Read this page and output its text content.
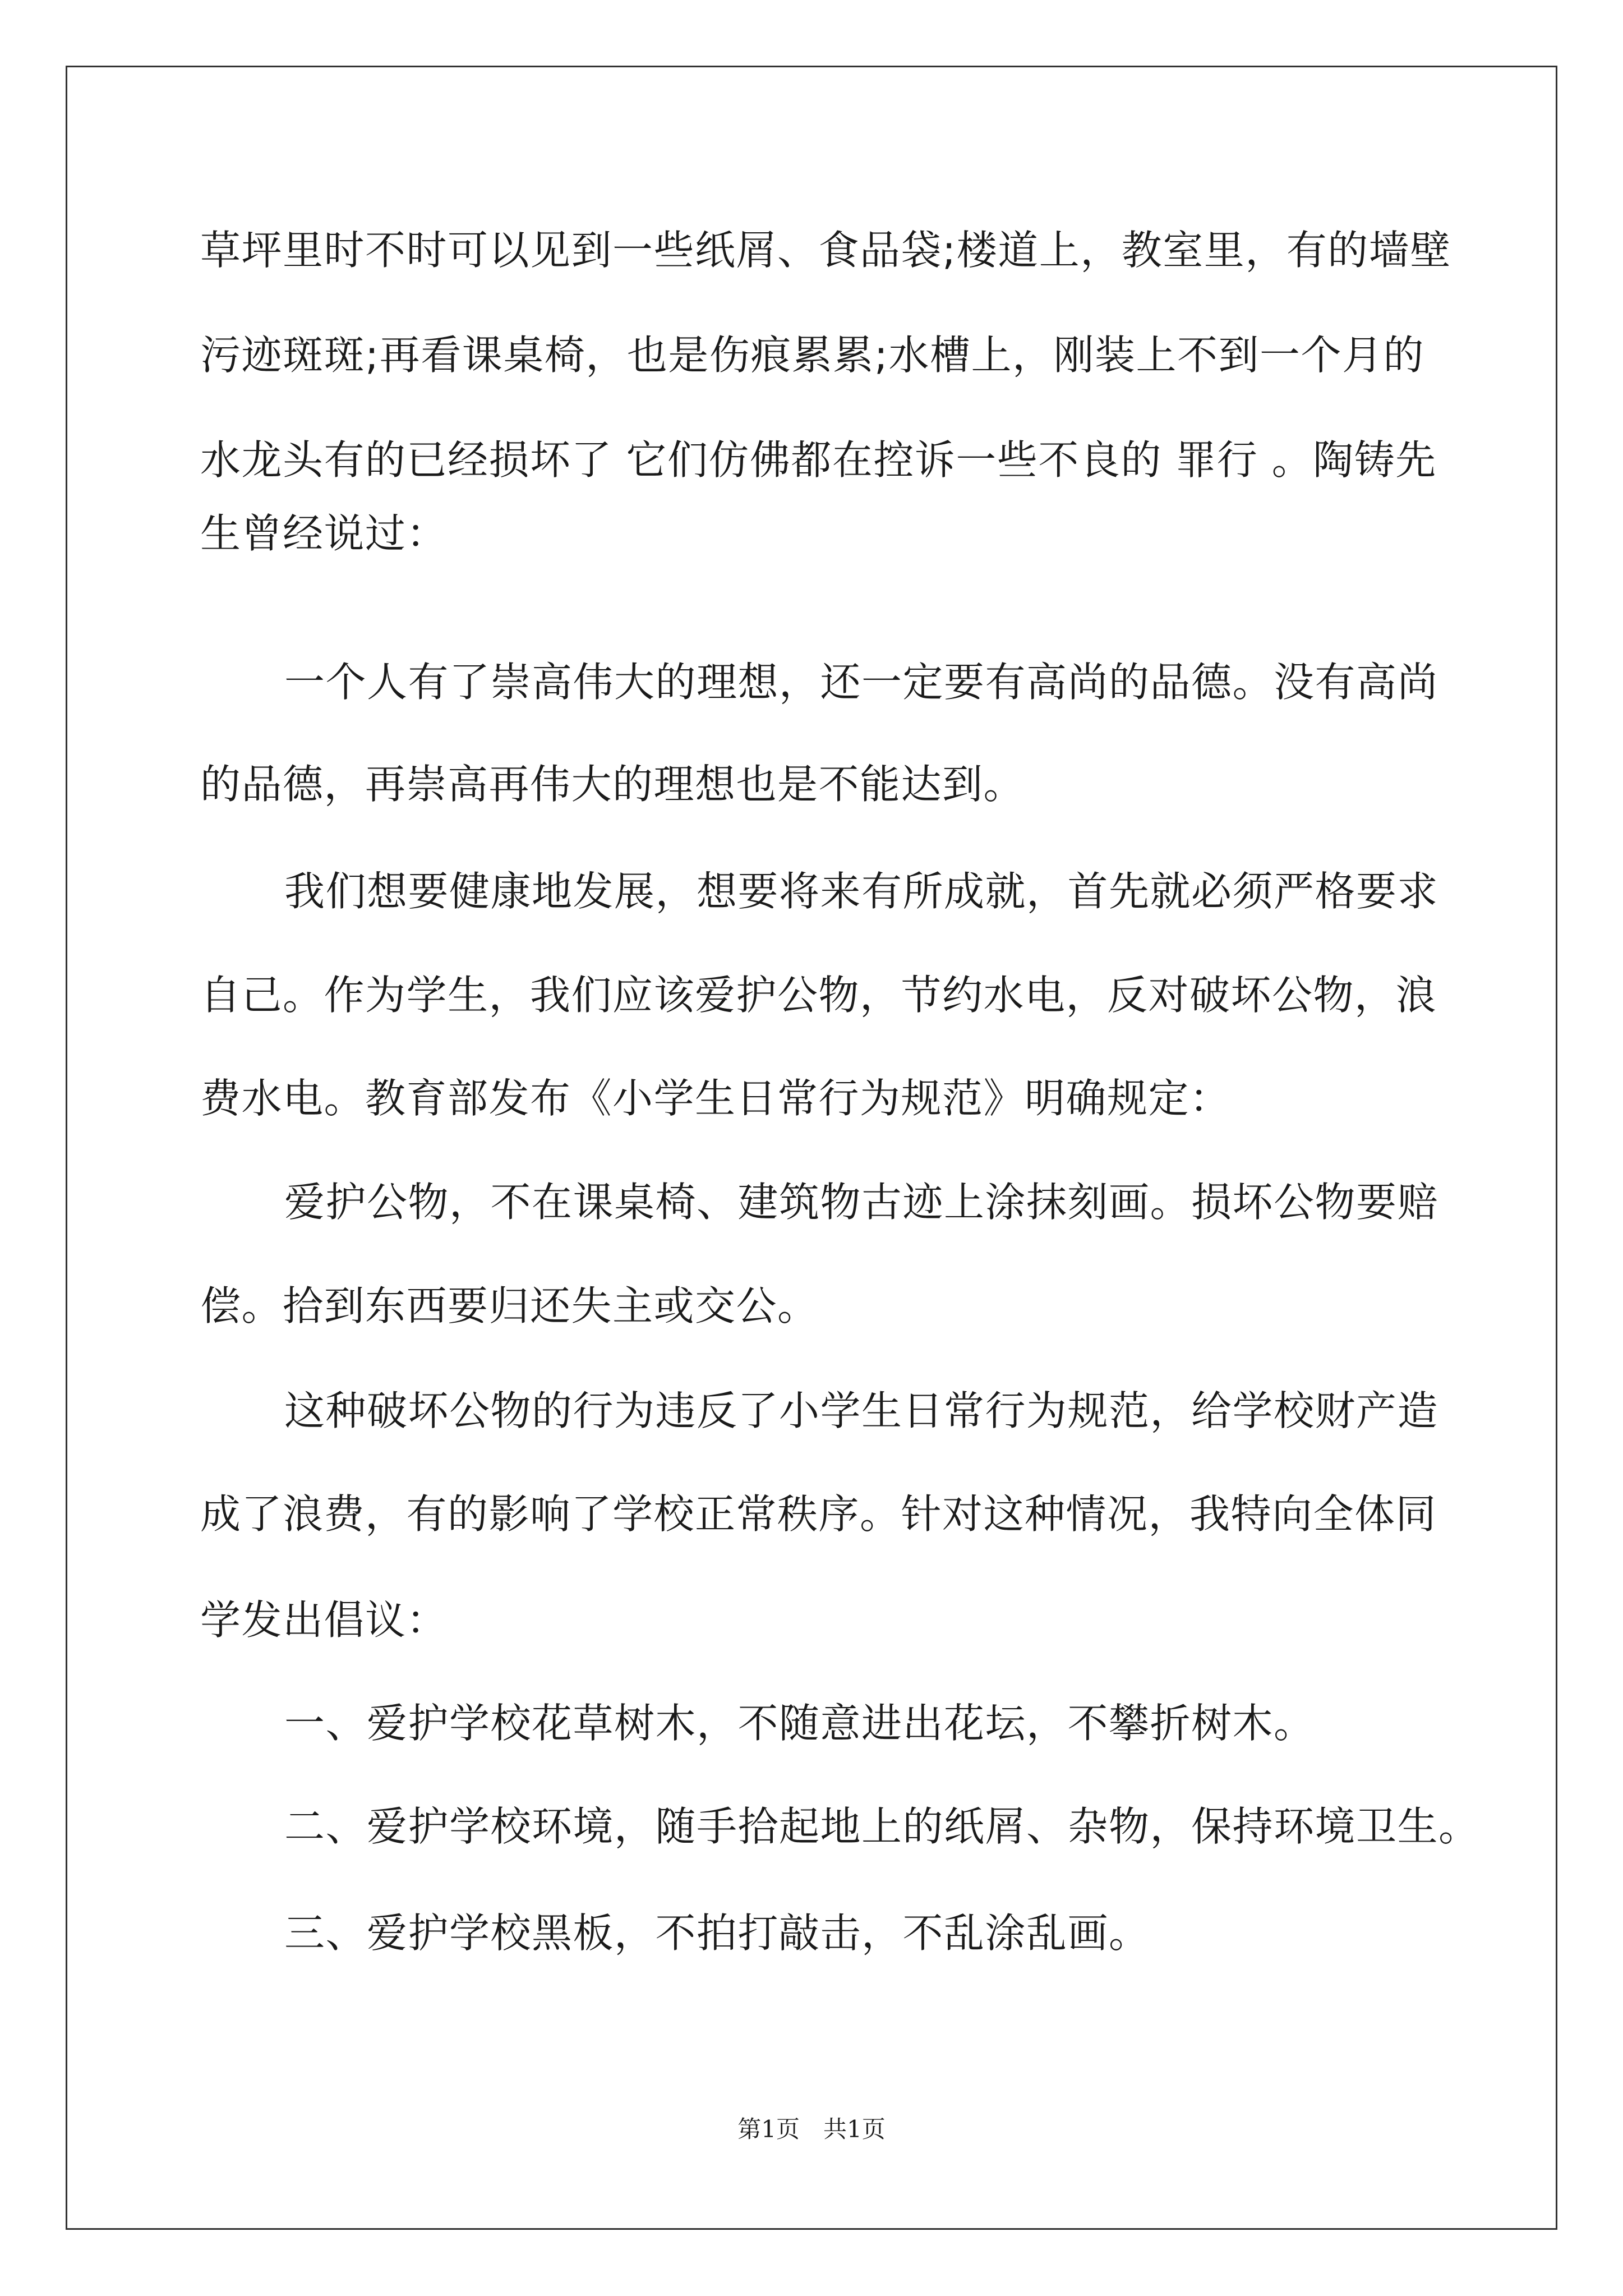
草坪里时不时可以见到一些纸屑、食品袋;楼道上，教室里，有的墙壁
污迹斑斑;再看课桌椅，也是伤痕累累;水槽上，刚装上不到一个月的
水龙头有的已经损坏了 它们仿佛都在控诉一些不良的 罪行 。陶铸先
生曾经说过：
一个人有了崇高伟大的理想，还一定要有高尚的品德。没有高尚
的品德，再崇高再伟大的理想也是不能达到。
我们想要健康地发展，想要将来有所成就，首先就必须严格要求
自己。作为学生，我们应该爱护公物，节约水电，反对破坏公物，浪
费水电。教育部发布《小学生日常行为规范》明确规定：
爱护公物，不在课桌椅、建筑物古迹上涂抹刻画。损坏公物要赔
偿。拾到东西要归还失主或交公。
这种破坏公物的行为违反了小学生日常行为规范，给学校财产造
成了浪费，有的影响了学校正常秩序。针对这种情况，我特向全体同
学发出倡议：
一、爱护学校花草树木，不随意进出花坛，不攀折树木。
二、爱护学校环境，随手拾起地上的纸屑、杂物，保持环境卫生。
三、爱护学校黑板，不拍打敲击，不乱涂乱画。
第1页　共1页
